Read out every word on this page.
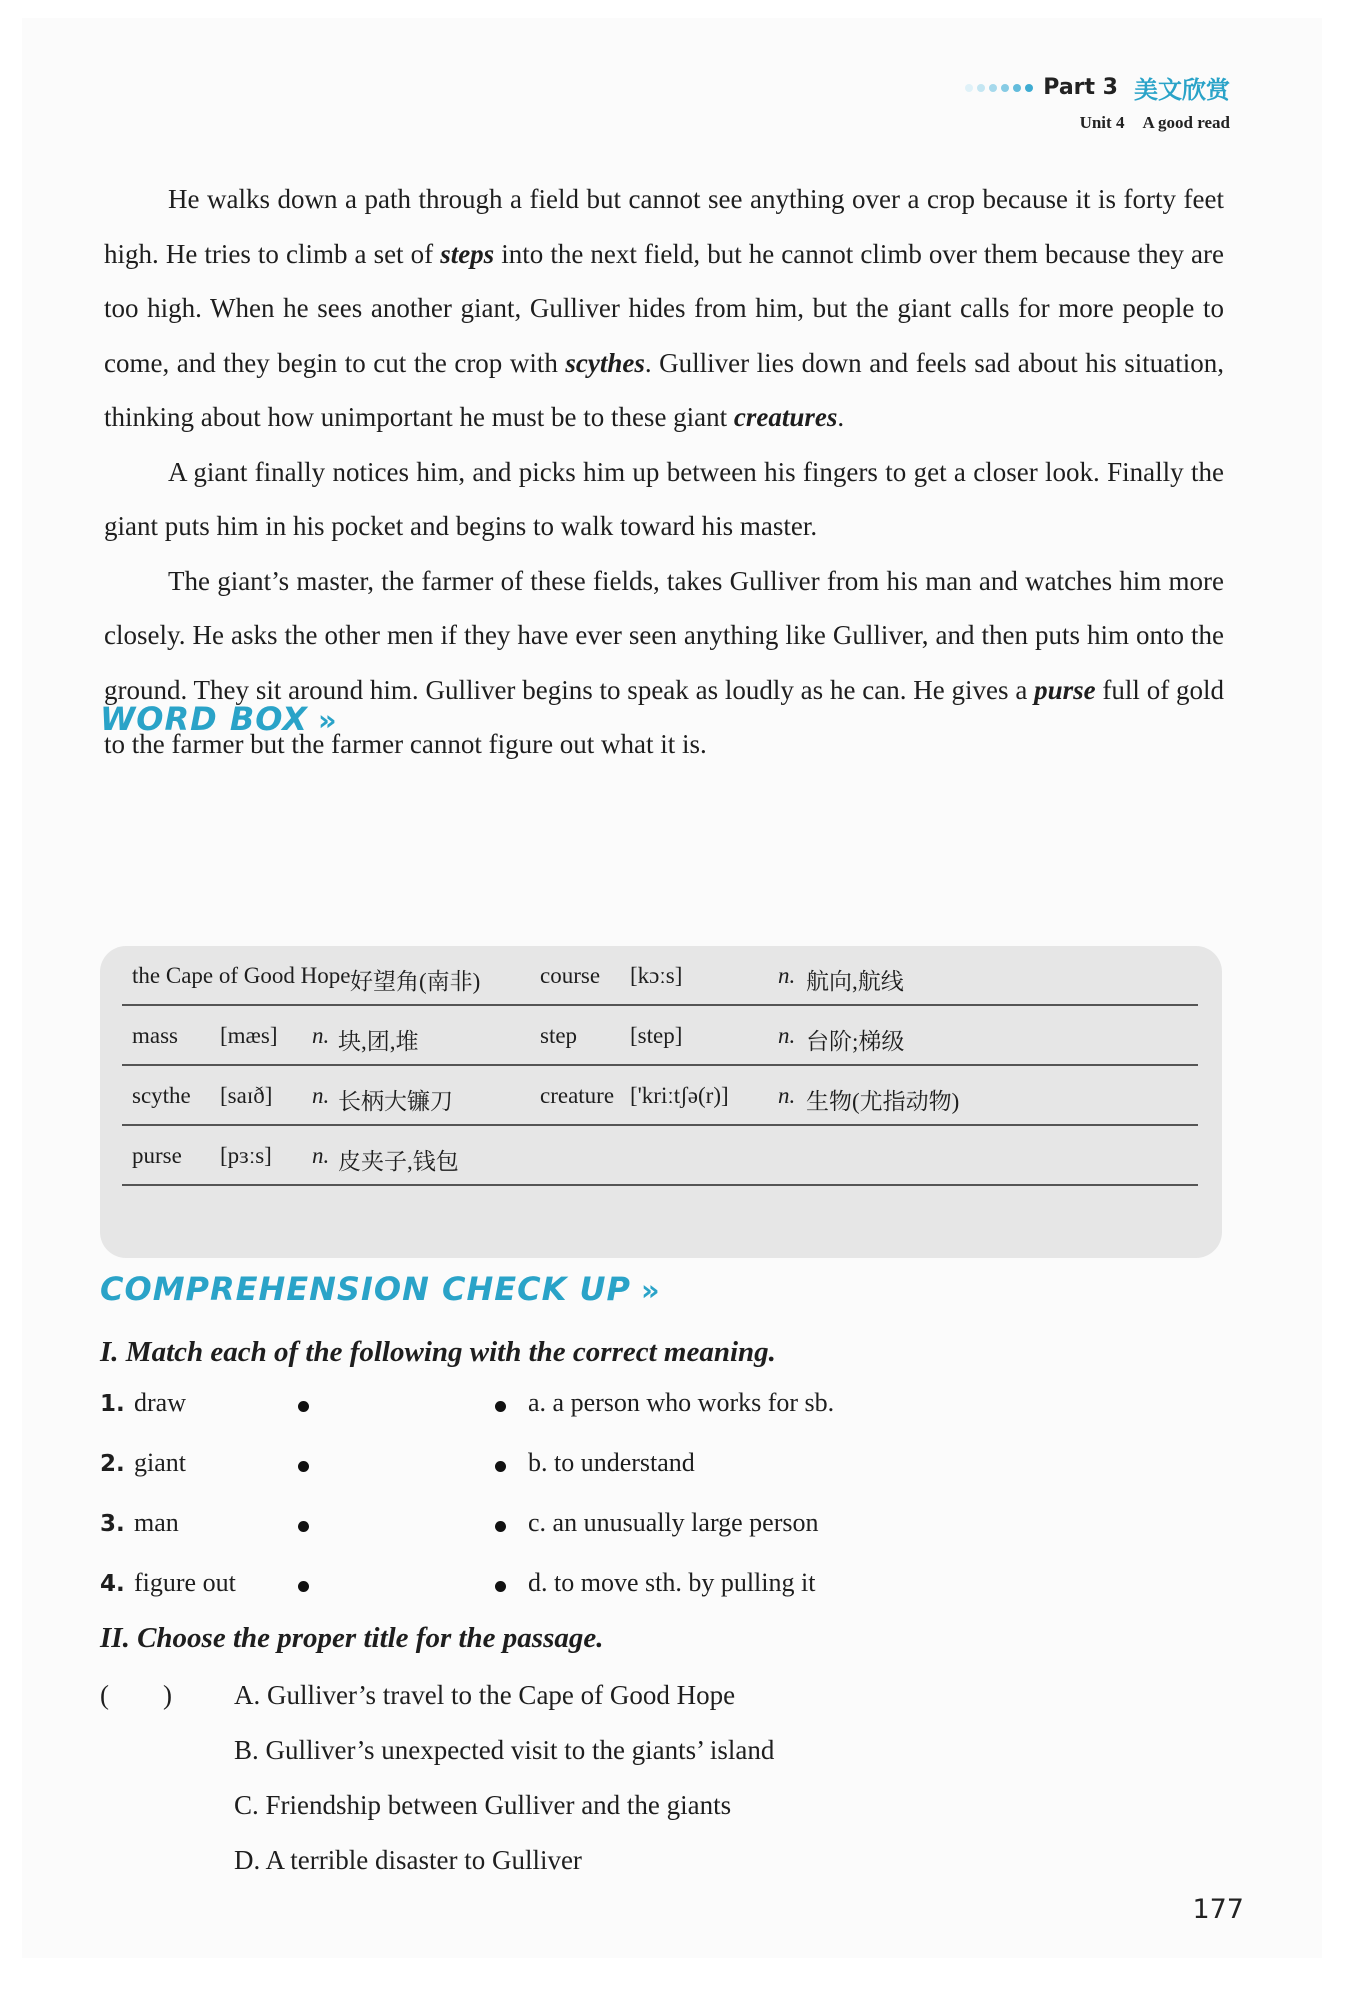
Part 3 美文欣赏
Unit 4 A good read

He walks down a path through a field but cannot see anything over a crop because it is forty feet high. He tries to climb a set of steps into the next field, but he cannot climb over them because they are too high. When he sees another giant, Gulliver hides from him, but the giant calls for more people to come, and they begin to cut the crop with scythes. Gulliver lies down and feels sad about his situation, thinking about how unimportant he must be to these giant creatures.

A giant finally notices him, and picks him up between his fingers to get a closer look. Finally the giant puts him in his pocket and begins to walk toward his master.

The giant’s master, the farmer of these fields, takes Gulliver from his man and watches him more closely. He asks the other men if they have ever seen anything like Gulliver, and then puts him onto the ground. They sit around him. Gulliver begins to speak as loudly as he can. He gives a purse full of gold to the farmer but the farmer cannot figure out what it is.

WORD BOX »
the Cape of Good Hope 好望角(南非)	course [kɔːs]	n. 航向,航线
mass [mæs] n. 块,团,堆	step [step]	n. 台阶;梯级
scythe [saɪð] n. 长柄大镰刀	creature ['kriːtʃə(r)] n. 生物(尤指动物)
purse [pɜːs] n. 皮夹子,钱包
COMPREHENSION CHECK UP »
I. Match each of the following with the correct meaning.
1. draw	a. a person who works for sb.
2. giant	b. to understand
3. man	c. an unusually large person
4. figure out	d. to move sth. by pulling it
II. Choose the proper title for the passage.
(        ) A. Gulliver’s travel to the Cape of Good Hope
B. Gulliver’s unexpected visit to the giants’ island
C. Friendship between Gulliver and the giants
D. A terrible disaster to Gulliver
177
